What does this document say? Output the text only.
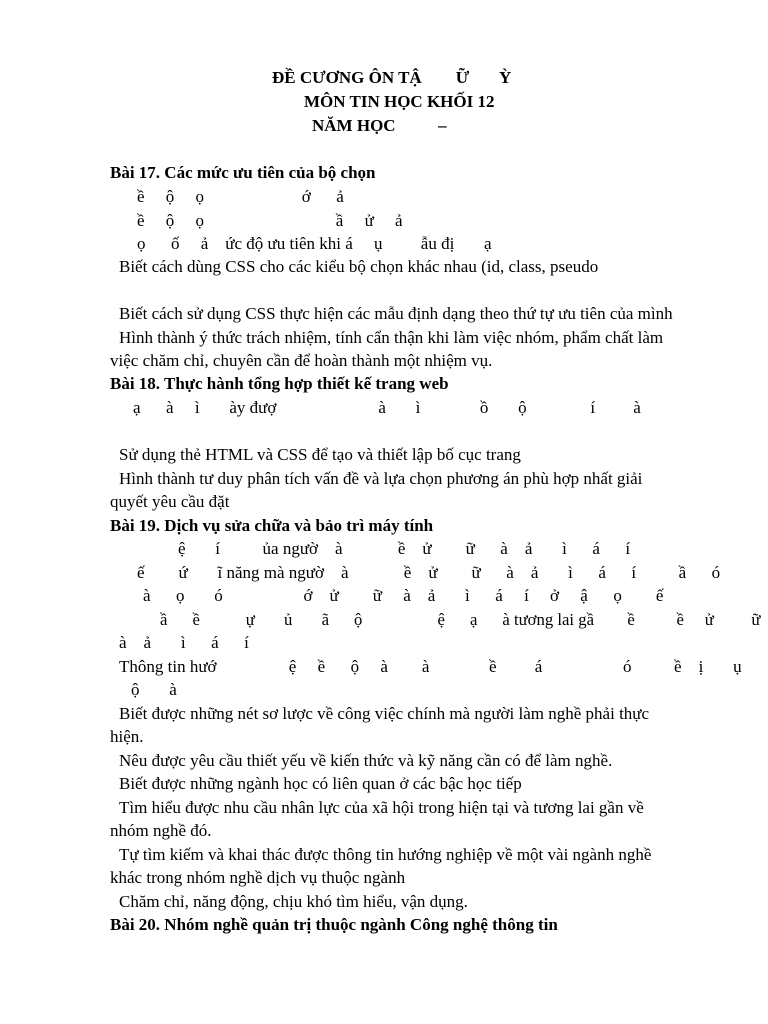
ĐỀ CƯƠNG ÔN TẬ        Ữ       Ỳ
MÔN TIN HỌC KHỐI 12
NĂM HỌC          –
Bài 17. Các mức ưu tiên của bộ chọn
ề     ộ     ọ                       ớ      ả
ề     ộ     ọ                               ầ     ử     ả
ọ      ố     ả    ức độ ưu tiên khi á     ụ         ẫu đị       ạ
Biết cách dùng CSS cho các kiểu bộ chọn khác nhau (id, class, pseudo
Biết cách sử dụng CSS thực hiện các mẫu định dạng theo thứ tự ưu tiên của mình
Hình thành ý thức trách nhiệm, tính cẩn thận khi làm việc nhóm, phẩm chất làm
việc chăm chỉ, chuyên cần để hoàn thành một nhiệm vụ.
Bài 18. Thực hành tổng hợp thiết kế trang web
ạ      à     ì       ày đượ                        à       ì              ồ       ộ               í         à
Sử dụng thẻ HTML và CSS để tạo và thiết lập bố cục trang
Hình thành tư duy phân tích vấn đề và lựa chọn phương án phù hợp nhất giải
quyết yêu cầu đặt
Bài 19. Dịch vụ sửa chữa và bảo trì máy tính
ệ       í          ủa ngườ    à             ề    ử        ữ      à    ả       ì      á      í
ế        ứ       ĩ năng mà ngườ    à             ề    ử        ữ      à    ả       ì      á      í          ầ      ó
à      ọ       ó                   ớ    ử        ữ     à    ả       ì      á     í     ở     ậ      ọ        ế
ầ      ề           ự       ủ       ã      ộ                  ệ      ạ      à tương lai gầ        ề          ề     ử         ữ
à    ả       ì      á      í
Thông tin hướ                 ệ     ề      ộ     à        à              ề         á                   ó          ề    ị       ụ
ộ       à
Biết được những nét sơ lược về công việc chính mà người làm nghề phải thực
hiện.
Nêu được yêu cầu thiết yếu về kiến thức và kỹ năng cần có để làm nghề.
Biết được những ngành học có liên quan ở các bậc học tiếp
Tìm hiểu được nhu cầu nhân lực của xã hội trong hiện tại và tương lai gần về
nhóm nghề đó.
Tự tìm kiếm và khai thác được thông tin hướng nghiệp về một vài ngành nghề
khác trong nhóm nghề dịch vụ thuộc ngành
Chăm chỉ, năng động, chịu khó tìm hiểu, vận dụng.
Bài 20. Nhóm nghề quản trị thuộc ngành Công nghệ thông tin
